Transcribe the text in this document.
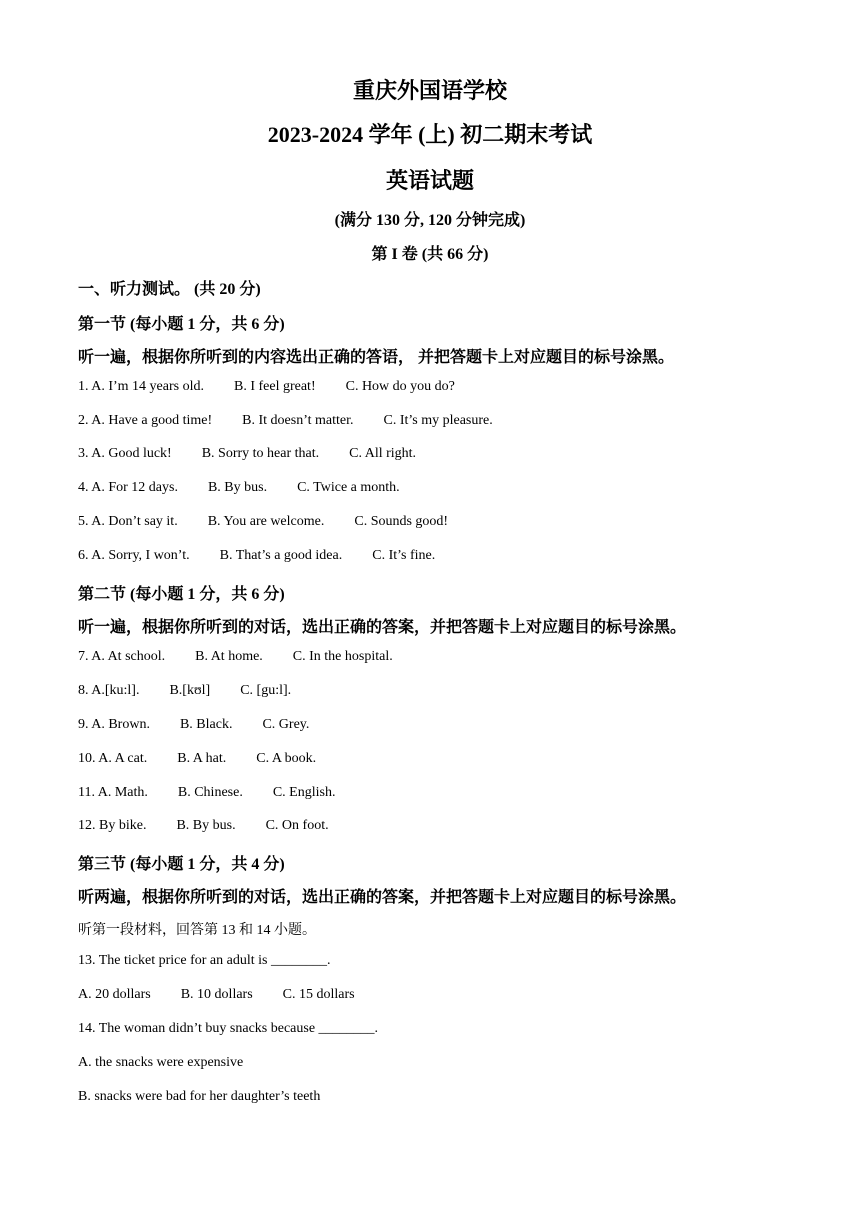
重庆外国语学校
2023-2024 学年 (上) 初二期末考试
英语试题
(满分 130 分, 120 分钟完成)
第 I 卷 (共 66 分)
一、听力测试。 (共 20 分)
第一节 (每小题 1 分，共 6 分)
听一遍，根据你所听到的内容选出正确的答语， 并把答题卡上对应题目的标号涂黑。
1. A. I’m 14 years old. B. I feel great! C. How do you do?
2. A. Have a good time! B. It doesn’t matter. C. It’s my pleasure.
3. A. Good luck! B. Sorry to hear that. C. All right.
4. A. For 12 days. B. By bus. C. Twice a month.
5. A. Don’t say it. B. You are welcome. C. Sounds good!
6. A. Sorry, I won’t. B. That’s a good idea. C. It’s fine.
第二节 (每小题 1 分，共 6 分)
听一遍，根据你所听到的对话，选出正确的答案，并把答题卡上对应题目的标号涂黑。
7. A. At school. B. At home. C. In the hospital.
8. A.[ku:l]. B.[kʊl] C. [gu:l].
9. A. Brown. B. Black. C. Grey.
10. A. A cat. B. A hat. C. A book.
11. A. Math. B. Chinese. C. English.
12. By bike. B. By bus. C. On foot.
第三节 (每小题 1 分，共 4 分)
听两遍，根据你所听到的对话，选出正确的答案，并把答题卡上对应题目的标号涂黑。
听第一段材料，回答第 13 和 14 小题。
13. The ticket price for an adult is ________.
A. 20 dollars B. 10 dollars C. 15 dollars
14. The woman didn’t buy snacks because ________.
A. the snacks were expensive
B. snacks were bad for her daughter’s teeth
